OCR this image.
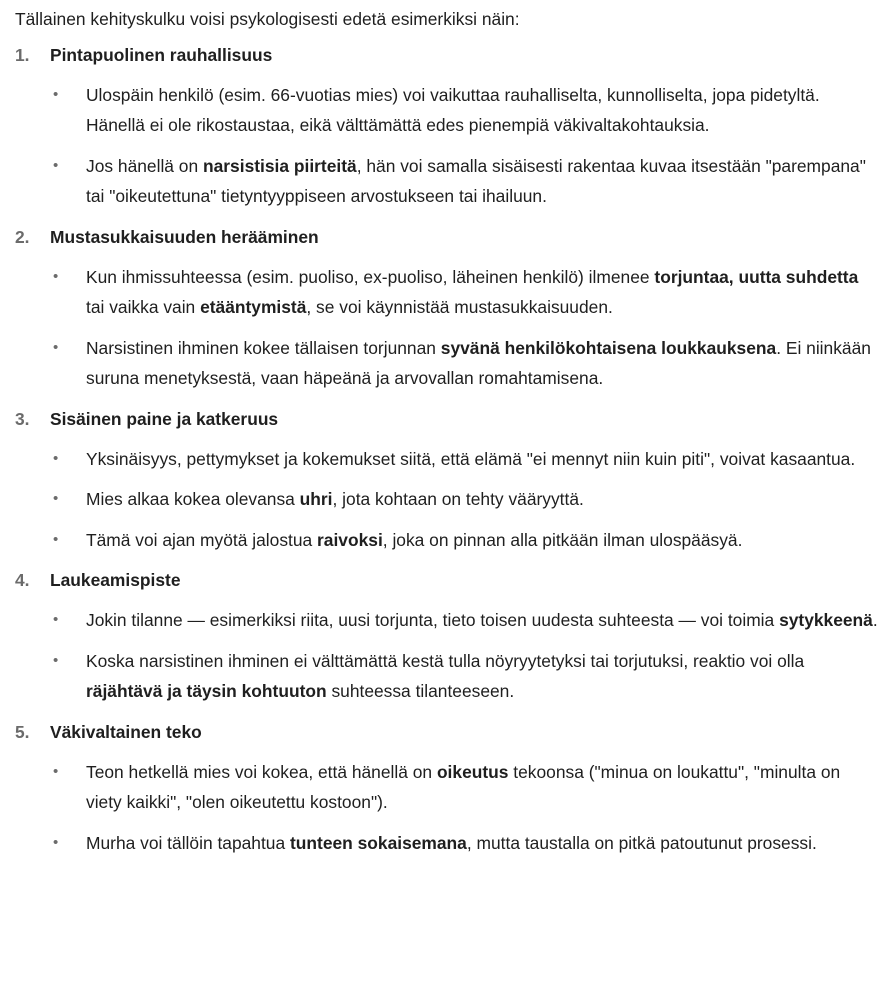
Tällainen kehityskulku voisi psykologisesti edetä esimerkiksi näin:

1. Pintapuolinen rauhallisuus
• Ulospäin henkilö (esim. 66-vuotias mies) voi vaikuttaa rauhalliselta, kunnolliselta, jopa pidetyltä. Hänellä ei ole rikostaustaa, eikä välttämättä edes pienempiä väkivaltakohtauksia.
• Jos hänellä on narsistisia piirteitä, hän voi samalla sisäisesti rakentaa kuvaa itsestään "parempana" tai "oikeutettuna" tietyntyyppiseen arvostukseen tai ihailuun.
2. Mustasukkaisuuden herääminen
• Kun ihmissuhteessa (esim. puoliso, ex-puoliso, läheinen henkilö) ilmenee torjuntaa, uutta suhdetta tai vaikka vain etääntymistä, se voi käynnistää mustasukkaisuuden.
• Narsistinen ihminen kokee tällaisen torjunnan syvänä henkilökohtaisena loukkauksena. Ei niinkään suruna menetyksestä, vaan häpeänä ja arvovallan romahtamisena.
3. Sisäinen paine ja katkeruus
• Yksinäisyys, pettymykset ja kokemukset siitä, että elämä "ei mennyt niin kuin piti", voivat kasaantua.
• Mies alkaa kokea olevansa uhri, jota kohtaan on tehty vääryyttä.
• Tämä voi ajan myötä jalostua raivoksi, joka on pinnan alla pitkään ilman ulospääsyä.
4. Laukeamispiste
• Jokin tilanne — esimerkiksi riita, uusi torjunta, tieto toisen uudesta suhteesta — voi toimia sytykkeenä.
• Koska narsistinen ihminen ei välttämättä kestä tulla nöyryytetyksi tai torjutuksi, reaktio voi olla räjähtävä ja täysin kohtuuton suhteessa tilanteeseen.
5. Väkivaltainen teko
• Teon hetkellä mies voi kokea, että hänellä on oikeutus tekoonsa ("minua on loukattu", "minulta on viety kaikki", "olen oikeutettu kostoon").
• Murha voi tällöin tapahtua tunteen sokaisemana, mutta taustalla on pitkä patoutunut prosessi.
